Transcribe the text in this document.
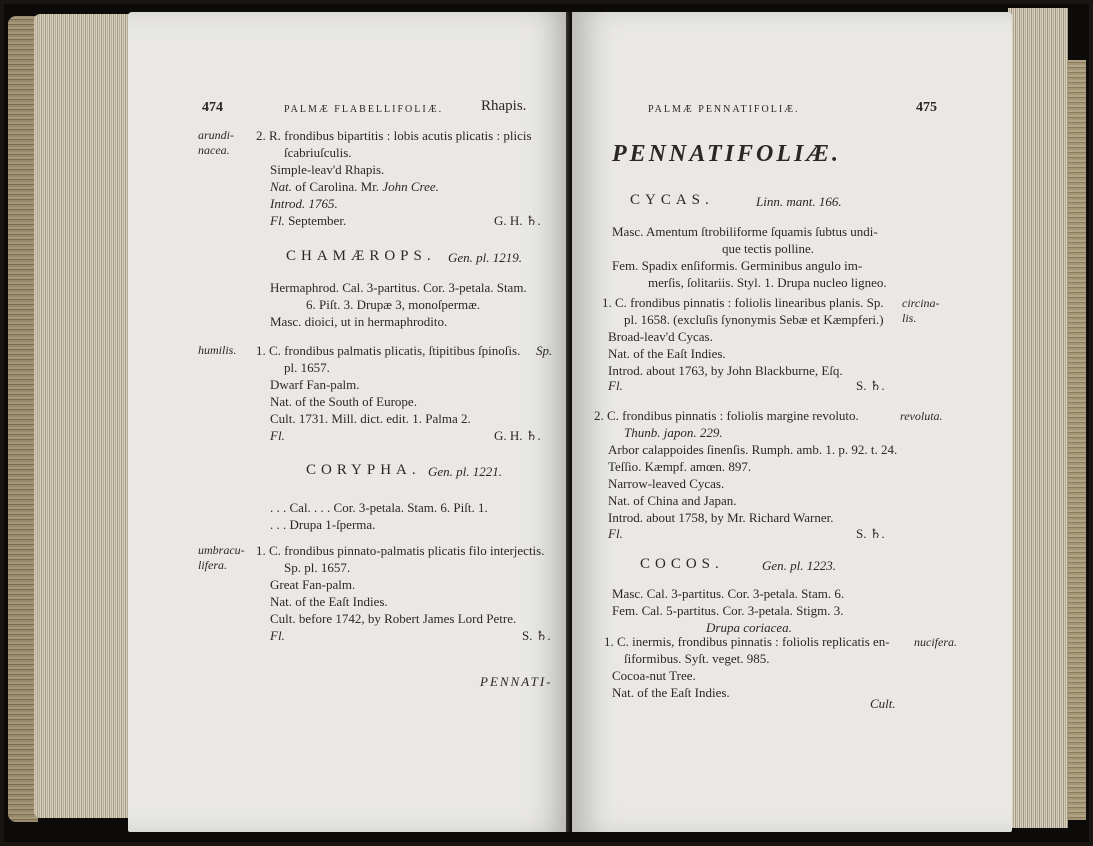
474	PALMÆ FLABELLIFOLIÆ.	Rhapis.
arundi-
nacea.
2. R. frondibus bipartitis : lobis acutis plicatis : plicis
ſcabriuſculis.
Simple-leav'd Rhapis.
Nat. of Carolina. Mr. John Cree.
Introd. 1765.
Fl. September.	G. H. ♄.
CHAMÆROPS. Gen. pl. 1219.
Hermaphrod. Cal. 3-partitus. Cor. 3-petala. Stam.
6. Piſt. 3. Drupæ 3, monoſpermæ.
Masc. dioici, ut in hermaphrodito.
humilis. 1. C. frondibus palmatis plicatis, ſtipitibus ſpinoſis. Sp.
pl. 1657.
Dwarf Fan-palm.
Nat. of the South of Europe.
Cult. 1731. Mill. dict. edit. 1. Palma 2.
Fl.	G. H. ♄.
CORYPHA. Gen. pl. 1221.
. . . Cal. . . . Cor. 3-petala. Stam. 6. Piſt. 1.
. . . Drupa 1-ſperma.
umbracu-
lifera.
1. C. frondibus pinnato-palmatis plicatis filo interjectis.
Sp. pl. 1657.
Great Fan-palm.
Nat. of the Eaſt Indies.
Cult. before 1742, by Robert James Lord Petre.
Fl.	S. ♄.
PENNATI-
PALMÆ PENNATIFOLIÆ.	475
PENNATIFOLIÆ.
CYCAS.	Linn. mant. 166.
Masc. Amentum ſtrobiliforme ſquamis ſubtus undi-
que tectis polline.
Fem. Spadix enſiformis. Germinibus angulo im-
merſis, ſolitariis. Styl. 1. Drupa nucleo ligneo.
circina-
lis.
1. C. frondibus pinnatis : foliolis linearibus planis. Sp.
pl. 1658. (excluſis ſynonymis Sebæ et Kæmpferi.)
Broad-leav'd Cycas.
Nat. of the Eaſt Indies.
Introd. about 1763, by John Blackburne, Eſq.
Fl.	S. ♄.
revoluta.
2. C. frondibus pinnatis : foliolis margine revoluto.
Thunb. japon. 229.
Arbor calappoides ſinenſis. Rumph. amb. 1. p. 92. t. 24.
Teſſio. Kæmpf. amœn. 897.
Narrow-leaved Cycas.
Nat. of China and Japan.
Introd. about 1758, by Mr. Richard Warner.
Fl.	S. ♄.
COCOS.	Gen. pl. 1223.
Masc. Cal. 3-partitus. Cor. 3-petala. Stam. 6.
Fem. Cal. 5-partitus. Cor. 3-petala. Stigm. 3.
Drupa coriacea.
nucifera.
1. C. inermis, frondibus pinnatis : foliolis replicatis en-
ſiformibus. Syſt. veget. 985.
Cocoa-nut Tree.
Nat. of the Eaſt Indies.
Cult.
